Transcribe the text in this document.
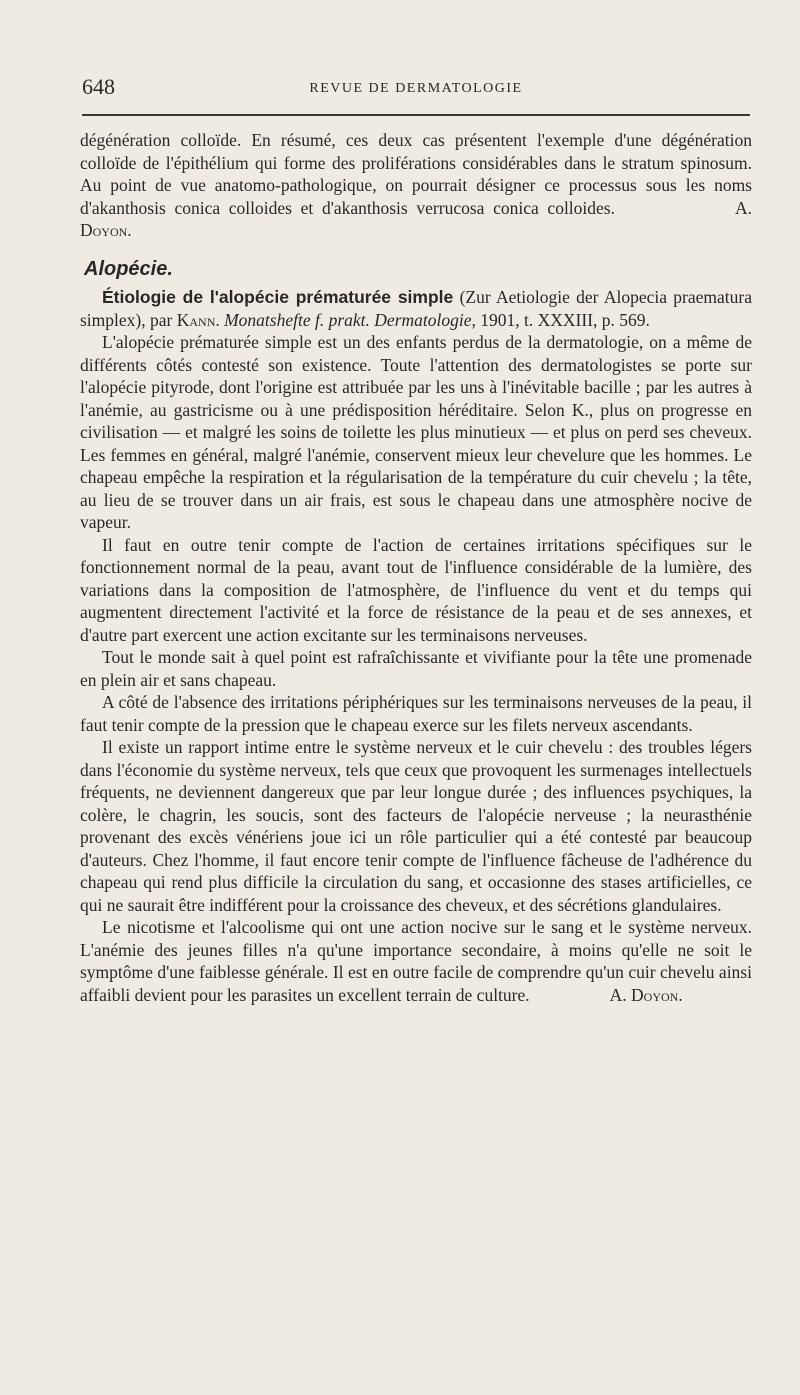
648	REVUE DE DERMATOLOGIE

dégénération colloïde. En résumé, ces deux cas présentent l'exemple d'une dégénération colloïde de l'épithélium qui forme des proliférations considérables dans le stratum spinosum. Au point de vue anatomo-pathologique, on pourrait désigner ce processus sous les noms d'akanthosis conica colloides et d'akanthosis verrucosa conica colloides.	A. Doyon.

Alopécie.

Étiologie de l'alopécie prématurée simple (Zur Aetiologie der Alopecia praematura simplex), par Kann. Monatshefte f. prakt. Dermatologie, 1901, t. XXXIII, p. 569.

L'alopécie prématurée simple est un des enfants perdus de la dermatologie, on a même de différents côtés contesté son existence. Toute l'attention des dermatologistes se porte sur l'alopécie pityrode, dont l'origine est attribuée par les uns à l'inévitable bacille ; par les autres à l'anémie, au gastricisme ou à une prédisposition héréditaire. Selon K., plus on progresse en civilisation — et malgré les soins de toilette les plus minutieux — et plus on perd ses cheveux. Les femmes en général, malgré l'anémie, conservent mieux leur chevelure que les hommes. Le chapeau empêche la respiration et la régularisation de la température du cuir chevelu ; la tête, au lieu de se trouver dans un air frais, est sous le chapeau dans une atmosphère nocive de vapeur.

Il faut en outre tenir compte de l'action de certaines irritations spécifiques sur le fonctionnement normal de la peau, avant tout de l'influence considérable de la lumière, des variations dans la composition de l'atmosphère, de l'influence du vent et du temps qui augmentent directement l'activité et la force de résistance de la peau et de ses annexes, et d'autre part exercent une action excitante sur les terminaisons nerveuses.

Tout le monde sait à quel point est rafraîchissante et vivifiante pour la tête une promenade en plein air et sans chapeau.

A côté de l'absence des irritations périphériques sur les terminaisons nerveuses de la peau, il faut tenir compte de la pression que le chapeau exerce sur les filets nerveux ascendants.

Il existe un rapport intime entre le système nerveux et le cuir chevelu : des troubles légers dans l'économie du système nerveux, tels que ceux que provoquent les surmenages intellectuels fréquents, ne deviennent dangereux que par leur longue durée ; des influences psychiques, la colère, le chagrin, les soucis, sont des facteurs de l'alopécie nerveuse ; la neurasthénie provenant des excès vénériens joue ici un rôle particulier qui a été contesté par beaucoup d'auteurs. Chez l'homme, il faut encore tenir compte de l'influence fâcheuse de l'adhérence du chapeau qui rend plus difficile la circulation du sang, et occasionne des stases artificielles, ce qui ne saurait être indifférent pour la croissance des cheveux, et des sécrétions glandulaires.

Le nicotisme et l'alcoolisme qui ont une action nocive sur le sang et le système nerveux. L'anémie des jeunes filles n'a qu'une importance secondaire, à moins qu'elle ne soit le symptôme d'une faiblesse générale. Il est en outre facile de comprendre qu'un cuir chevelu ainsi affaibli devient pour les parasites un excellent terrain de culture.	A. Doyon.
